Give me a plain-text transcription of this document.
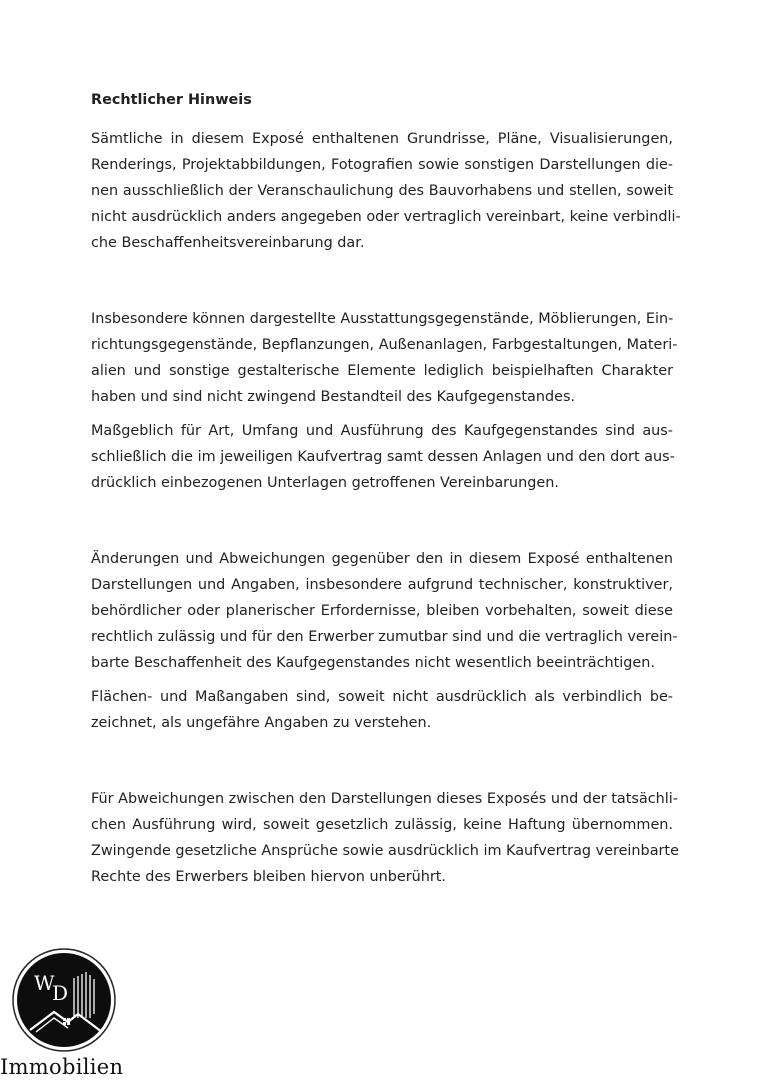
Rechtlicher Hinweis
Sämtliche in diesem Exposé enthaltenen Grundrisse, Pläne, Visualisierungen,
Renderings, Projektabbildungen, Fotografien sowie sonstigen Darstellungen die-
nen ausschließlich der Veranschaulichung des Bauvorhabens und stellen, soweit
nicht ausdrücklich anders angegeben oder vertraglich vereinbart, keine verbindli-
che Beschaffenheitsvereinbarung dar.
Insbesondere können dargestellte Ausstattungsgegenstände, Möblierungen, Ein-
richtungsgegenstände, Bepflanzungen, Außenanlagen, Farbgestaltungen, Materi-
alien und sonstige gestalterische Elemente lediglich beispielhaften Charakter
haben und sind nicht zwingend Bestandteil des Kaufgegenstandes.
Maßgeblich für Art, Umfang und Ausführung des Kaufgegenstandes sind aus-
schließlich die im jeweiligen Kaufvertrag samt dessen Anlagen und den dort aus-
drücklich einbezogenen Unterlagen getroffenen Vereinbarungen.
Änderungen und Abweichungen gegenüber den in diesem Exposé enthaltenen
Darstellungen und Angaben, insbesondere aufgrund technischer, konstruktiver,
behördlicher oder planerischer Erfordernisse, bleiben vorbehalten, soweit diese
rechtlich zulässig und für den Erwerber zumutbar sind und die vertraglich verein-
barte Beschaffenheit des Kaufgegenstandes nicht wesentlich beeinträchtigen.
Flächen- und Maßangaben sind, soweit nicht ausdrücklich als verbindlich be-
zeichnet, als ungefähre Angaben zu verstehen.
Für Abweichungen zwischen den Darstellungen dieses Exposés und der tatsächli-
chen Ausführung wird, soweit gesetzlich zulässig, keine Haftung übernommen.
Zwingende gesetzliche Ansprüche sowie ausdrücklich im Kaufvertrag vereinbarte
Rechte des Erwerbers bleiben hiervon unberührt.
W
D
Immobilien
